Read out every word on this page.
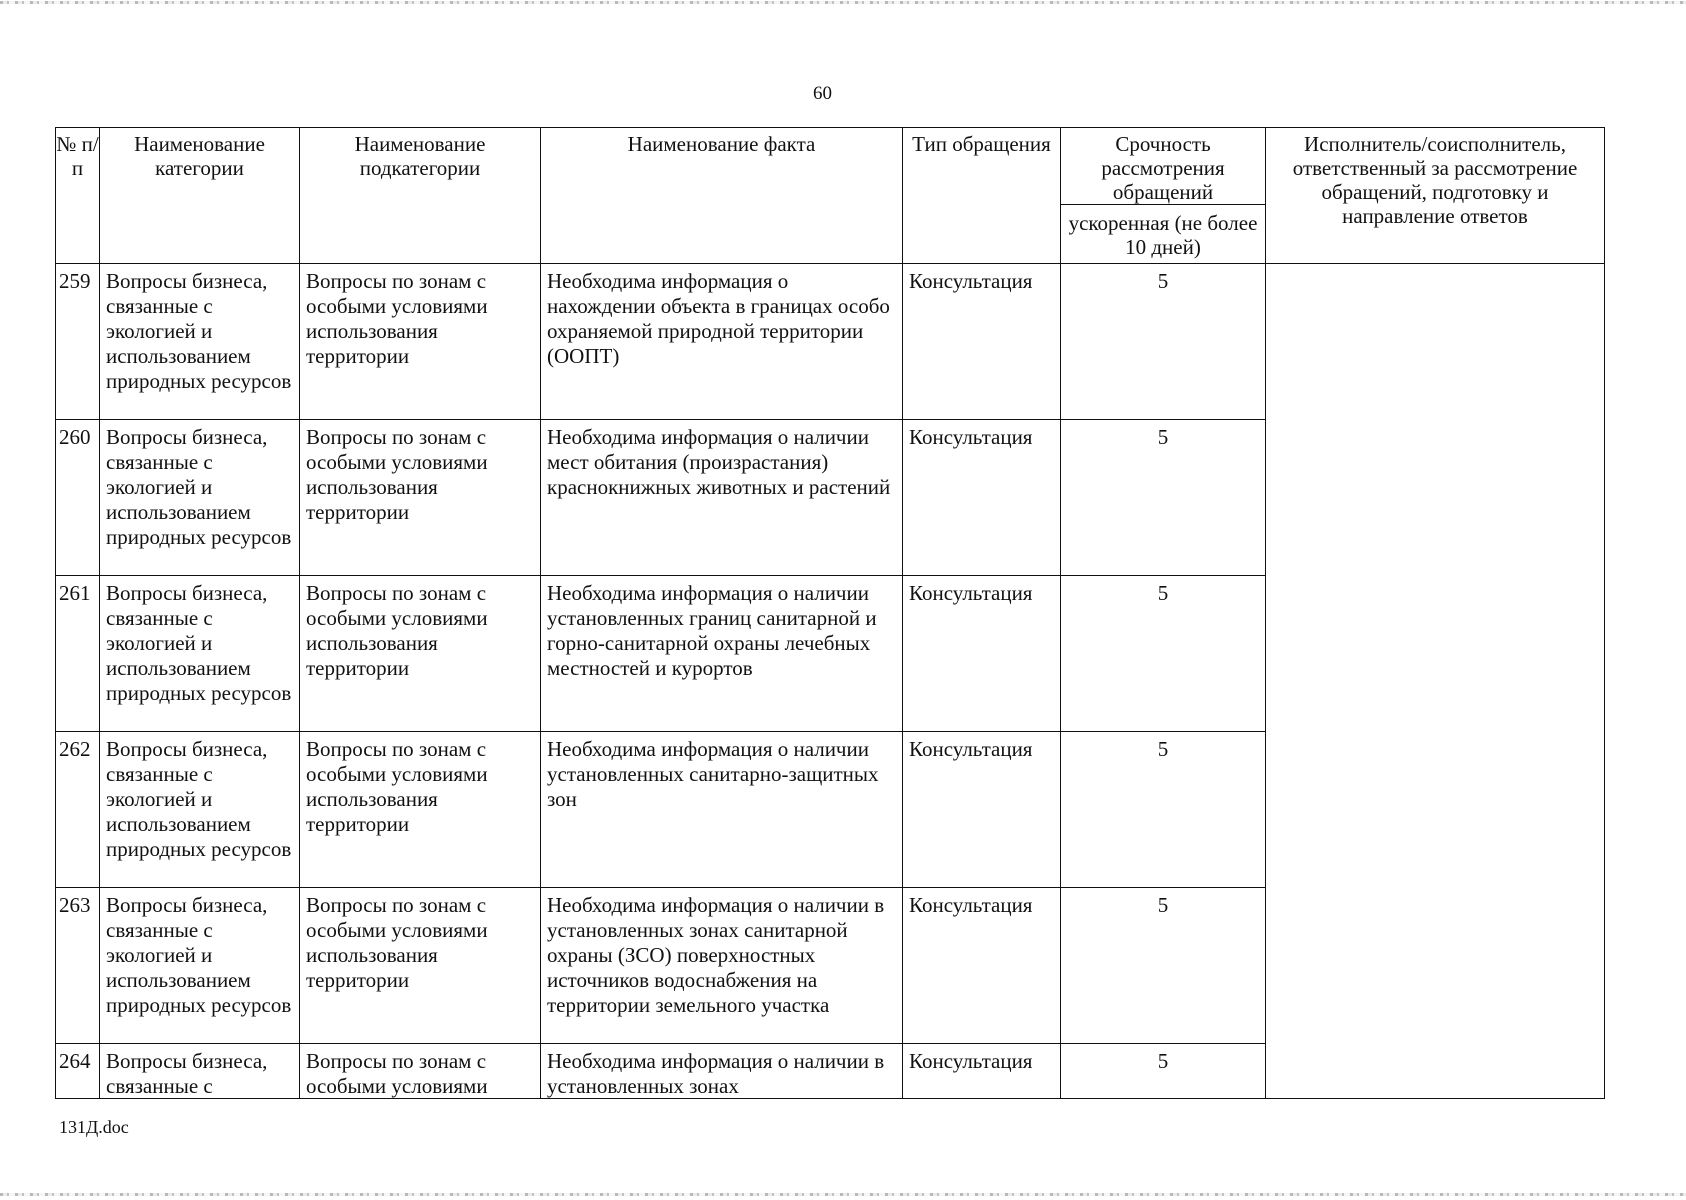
60
№ п/п	Наименование категории	Наименование подкатегории	Наименование факта	Тип обращения	Срочность рассмотрения обращений	Исполнитель/соисполнитель, ответственный за рассмотрение обращений, подготовку и направление ответов
					ускоренная (не более 10 дней)	
259	Вопросы бизнеса, связанные с экологией и использованием природных ресурсов	Вопросы по зонам с особыми условиями использования территории	Необходима информация о нахождении объекта в границах особо охраняемой природной территории (ООПТ)	Консультация	5	
260	Вопросы бизнеса, связанные с экологией и использованием природных ресурсов	Вопросы по зонам с особыми условиями использования территории	Необходима информация о наличии мест обитания (произрастания) краснокнижных животных и растений	Консультация	5	
261	Вопросы бизнеса, связанные с экологией и использованием природных ресурсов	Вопросы по зонам с особыми условиями использования территории	Необходима информация о наличии установленных границ санитарной и горно-санитарной охраны лечебных местностей и курортов	Консультация	5	
262	Вопросы бизнеса, связанные с экологией и использованием природных ресурсов	Вопросы по зонам с особыми условиями использования территории	Необходима информация о наличии установленных санитарно-защитных зон	Консультация	5	
263	Вопросы бизнеса, связанные с экологией и использованием природных ресурсов	Вопросы по зонам с особыми условиями использования территории	Необходима информация о наличии в установленных зонах санитарной охраны (ЗСО) поверхностных источников водоснабжения на территории земельного участка	Консультация	5	

264	Вопросы бизнеса, связанные с	Вопросы по зонам с особыми условиями	Необходима информация о наличии в установленных зонах	Консультация	5	
131Д.doc
